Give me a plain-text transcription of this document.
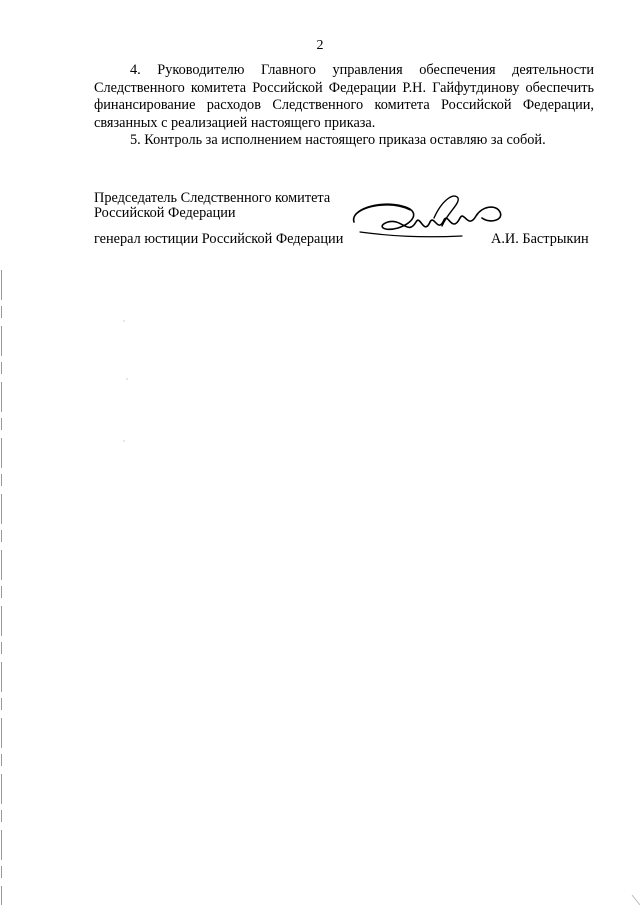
2

4. Руководителю Главного управления обеспечения деятельности Следственного комитета Российской Федерации Р.Н. Гайфутдинову обеспечить финансирование расходов Следственного комитета Российской Федерации, связанных с реализацией настоящего приказа.

5. Контроль за исполнением настоящего приказа оставляю за собой.

Председатель Следственного комитета
Российской Федерации
генерал юстиции Российской Федерации	А.И. Бастрыкин
